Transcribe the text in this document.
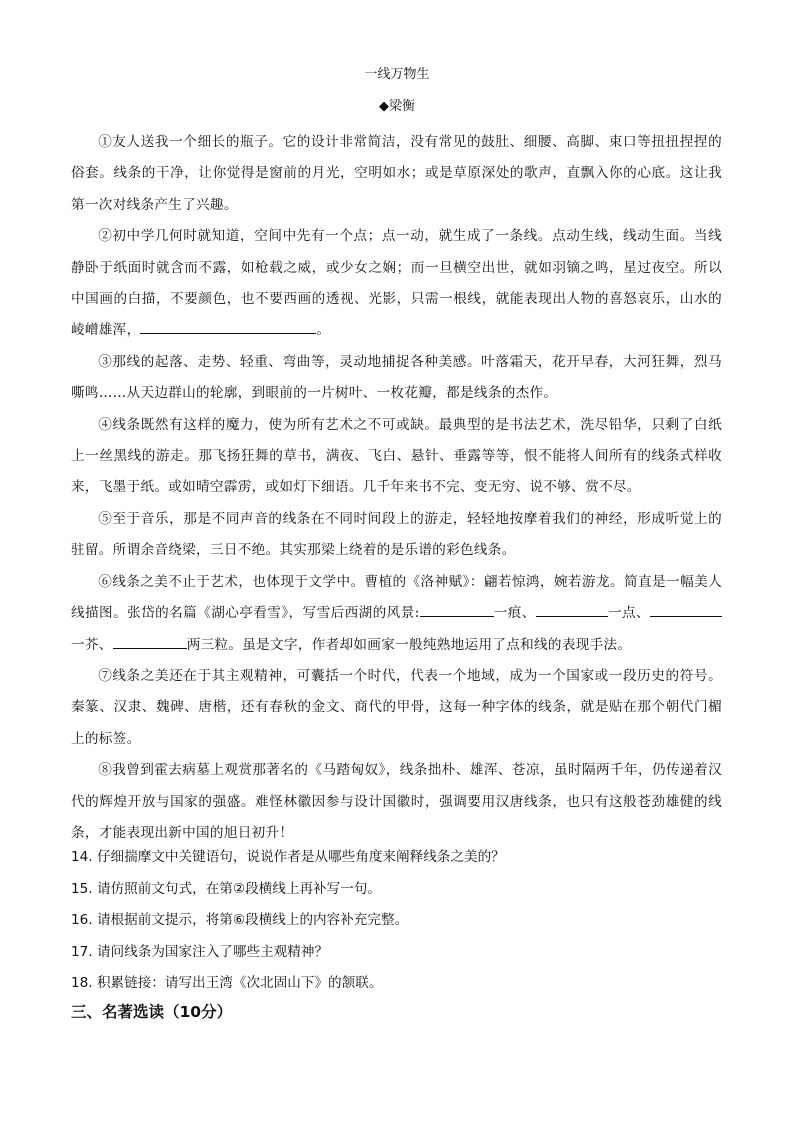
一线万物生
◆梁衡

①友人送我一个细长的瓶子。它的设计非常简洁，没有常见的鼓肚、细腰、高脚、束口等扭扭捏捏的俗套。线条的干净，让你觉得是窗前的月光，空明如水；或是草原深处的歌声，直飘入你的心底。这让我第一次对线条产生了兴趣。

②初中学几何时就知道，空间中先有一个点；点一动，就生成了一条线。点动生线，线动生面。当线静卧于纸面时就含而不露，如枪载之威，或少女之娴；而一旦横空出世，就如羽镝之鸣，星过夜空。所以中国画的白描，不要颜色，也不要西画的透视、光影，只需一根线，就能表现出人物的喜怒哀乐，山水的崚嶒雄浑，	。

③那线的起落、走势、轻重、弯曲等，灵动地捕捉各种美感。叶落霜天，花开早春，大河狂舞，烈马嘶鸣……从天边群山的轮廓，到眼前的一片树叶、一枚花瓣，都是线条的杰作。

④线条既然有这样的魔力，使为所有艺术之不可或缺。最典型的是书法艺术，洗尽铅华，只剩了白纸上一丝黑线的游走。那飞扬狂舞的草书，满夜、飞白、悬针、垂露等等，恨不能将人间所有的线条式样收来，飞墨于纸。或如晴空霹雳，或如灯下细语。几千年来书不完、变无穷、说不够、赏不尽。

⑤至于音乐，那是不同声音的线条在不同时间段上的游走，轻轻地按摩着我们的神经，形成听觉上的驻留。所谓余音绕梁，三日不绝。其实那梁上绕着的是乐谱的彩色线条。

⑥线条之美不止于艺术，也体现于文学中。曹植的《洛神赋》：翩若惊鸿，婉若游龙。简直是一幅美人线描图。张岱的名篇《湖心亭看雪》，写雪后西湖的风景:	一痕、	一点、一芥、	两三粒。虽是文字，作者却如画家一般纯熟地运用了点和线的表现手法。

⑦线条之美还在于其主观精神，可囊括一个时代，代表一个地域，成为一个国家或一段历史的符号。秦篆、汉隶、魏碑、唐楷，还有春秋的金文、商代的甲骨，这每一种字体的线条，就是贴在那个朝代门楣上的标签。

⑧我曾到霍去病墓上观赏那著名的《马踏匈奴》，线条拙朴、雄浑、苍凉，虽时隔两千年，仍传递着汉代的辉煌开放与国家的强盛。难怪林徽因参与设计国徽时，强调要用汉唐线条，也只有这般苍劲雄健的线条，才能表现出新中国的旭日初升！

14. 仔细揣摩文中关键语句，说说作者是从哪些角度来阐释线条之美的？

15. 请仿照前文句式，在第②段横线上再补写一句。

16. 请根据前文提示，将第⑥段横线上的内容补充完整。

17. 请问线条为国家注入了哪些主观精神？

18. 积累链接：请写出王湾《次北固山下》的颔联。

三、名著选读（10分）
